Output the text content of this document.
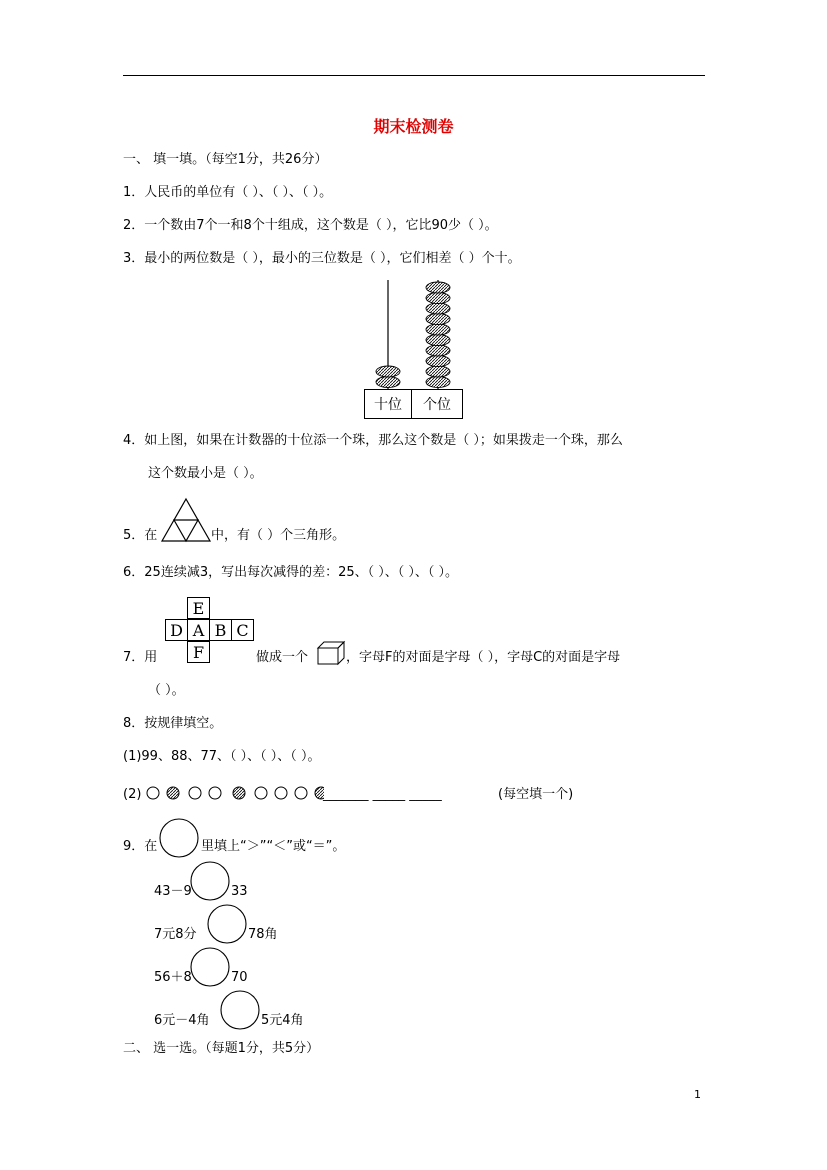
期末检测卷
一、 填一填。（每空1分，共26分）
1．人民币的单位有（ ）、（ ）、（ ）。
2．一个数由7个一和8个十组成，这个数是（ ），它比90少（ ）。
3．最小的两位数是（ ），最小的三位数是（ ），它们相差（ ）个十。
十位	个位
4．如上图，如果在计数器的十位添一个珠，那么这个数是（ ）；如果拨走一个珠，那么
这个数最小是（ ）。
5．在	中，有（ ）个三角形。
6．25连续减3，写出每次减得的差：25、（ ）、（ ）、（ ）。
E
D A B C
F
7．用	做成一个	，字母F的对面是字母（ ），字母C的对面是字母
（ ）。
8．按规律填空。
(1)99、88、77、（ ）、（ ）、（ ）。
(2)	_______ _____ _____	(每空填一个)
9．在	里填上“＞”“＜”或“＝”。
43－9	33
7元8分	78角
56＋8	70
6元－4角	5元4角
二、 选一选。（每题1分，共5分）
1
